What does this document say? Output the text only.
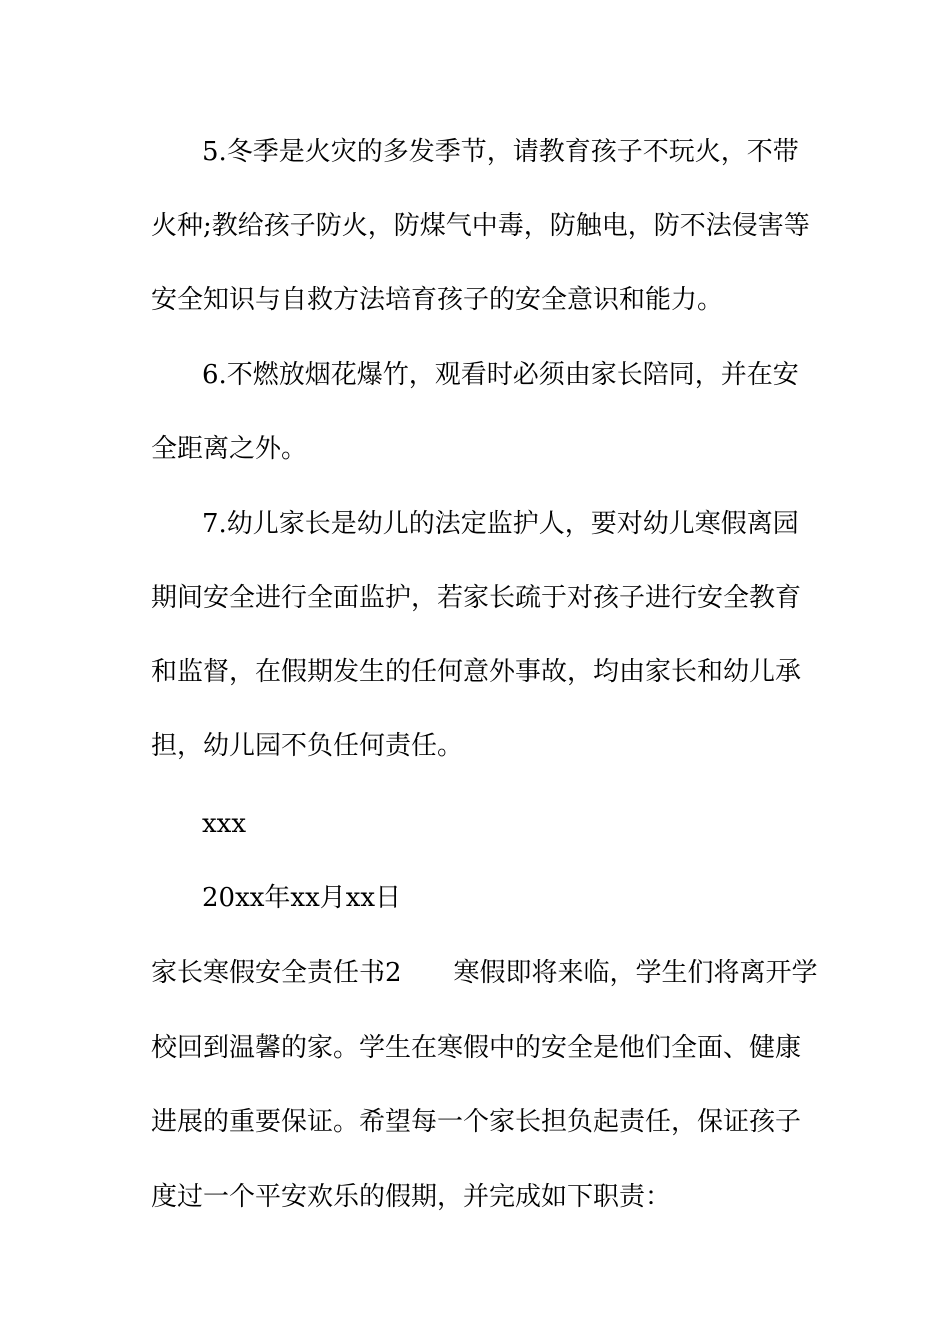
5.冬季是火灾的多发季节，请教育孩子不玩火，不带

火种;教给孩子防火，防煤气中毒，防触电，防不法侵害等

安全知识与自救方法培育孩子的安全意识和能力。

6.不燃放烟花爆竹，观看时必须由家长陪同，并在安

全距离之外。

7.幼儿家长是幼儿的法定监护人，要对幼儿寒假离园

期间安全进行全面监护，若家长疏于对孩子进行安全教育

和监督，在假期发生的任何意外事故，均由家长和幼儿承

担，幼儿园不负任何责任。

xxx

20xx年xx月xx日

家长寒假安全责任书2　　寒假即将来临，学生们将离开学

校回到温馨的家。学生在寒假中的安全是他们全面、健康

进展的重要保证。希望每一个家长担负起责任，保证孩子

度过一个平安欢乐的假期，并完成如下职责：
